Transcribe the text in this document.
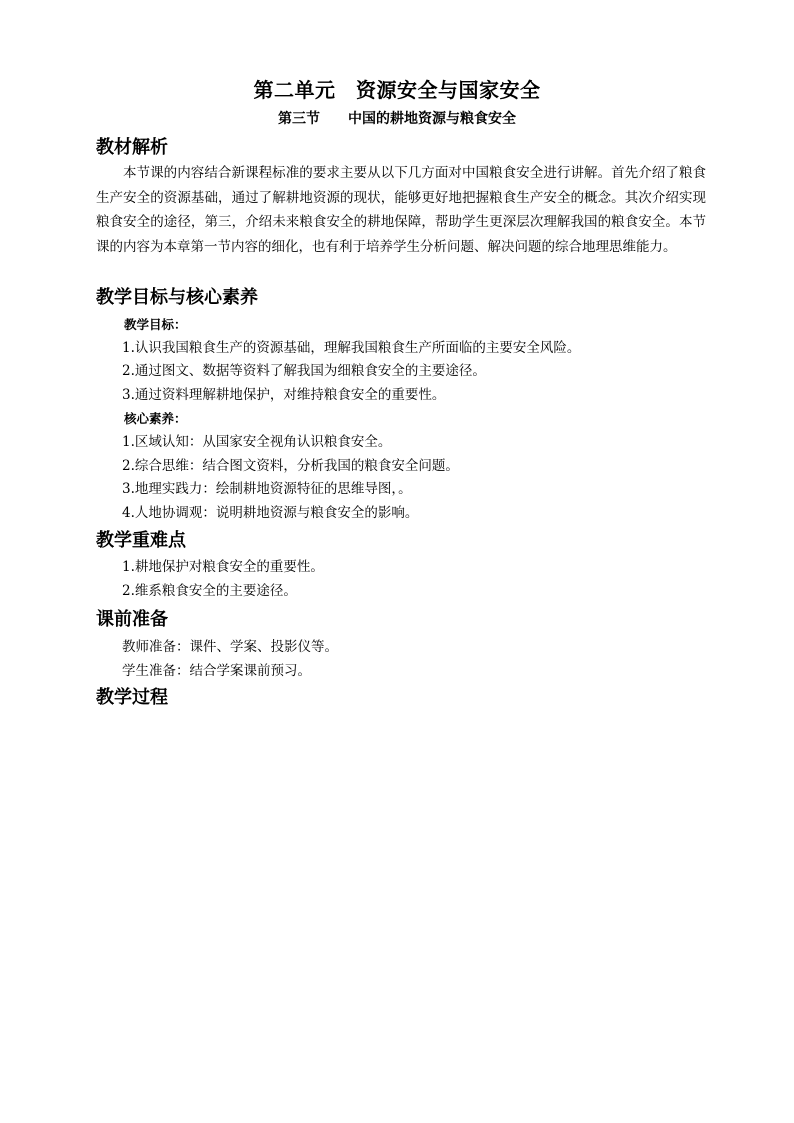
第二单元　资源安全与国家安全
第三节　　中国的耕地资源与粮食安全
教材解析

本节课的内容结合新课程标准的要求主要从以下几方面对中国粮食安全进行讲解。首先介绍了粮食生产安全的资源基础，通过了解耕地资源的现状，能够更好地把握粮食生产安全的概念。其次介绍实现粮食安全的途径，第三，介绍未来粮食安全的耕地保障，帮助学生更深层次理解我国的粮食安全。本节课的内容为本章第一节内容的细化，也有利于培养学生分析问题、解决问题的综合地理思维能力。

教学目标与核心素养
教学目标：
1.认识我国粮食生产的资源基础，理解我国粮食生产所面临的主要安全风险。
2.通过图文、数据等资料了解我国为细粮食安全的主要途径。
3.通过资料理解耕地保护，对维持粮食安全的重要性。
核心素养：
1.区域认知：从国家安全视角认识粮食安全。
2.综合思维：结合图文资料，分析我国的粮食安全问题。
3.地理实践力：绘制耕地资源特征的思维导图，。
4.人地协调观：说明耕地资源与粮食安全的影响。
教学重难点
1.耕地保护对粮食安全的重要性。
2.维系粮食安全的主要途径。
课前准备
教师准备：课件、学案、投影仪等。
学生准备：结合学案课前预习。
教学过程
